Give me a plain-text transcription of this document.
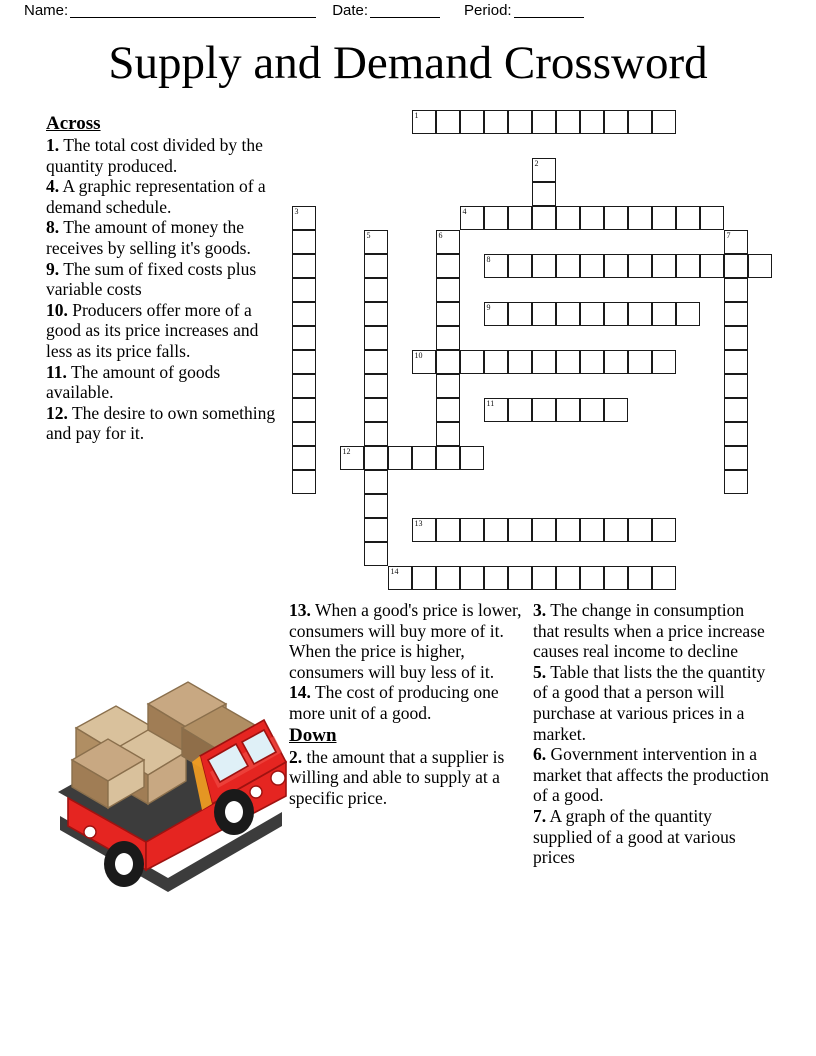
Name:	Date:	Period:
Supply and Demand Crossword
Across
1. The total cost divided by the quantity produced.
4. A graphic representation of a demand schedule.
8. The amount of money the receives by selling it's goods.
9. The sum of fixed costs plus variable costs
10. Producers offer more of a good as its price increases and less as its price falls.
11. The amount of goods available.
12. The desire to own something and pay for it.
13. When a good's price is lower, consumers will buy more of it. When the price is higher, consumers will buy less of it.
14. The cost of producing one more unit of a good.
Down
2. the amount that a supplier is willing and able to supply at a specific price.
3. The change in consumption that results when a price increase causes real income to decline
5. Table that lists the the quantity of a good that a person will purchase at various prices in a market.
6. Government intervention in a market that affects the production of a good.
7. A graph of the quantity supplied of a good at various prices
1
2
3	4
5	6	7
8
9
10
11
12
13
14
